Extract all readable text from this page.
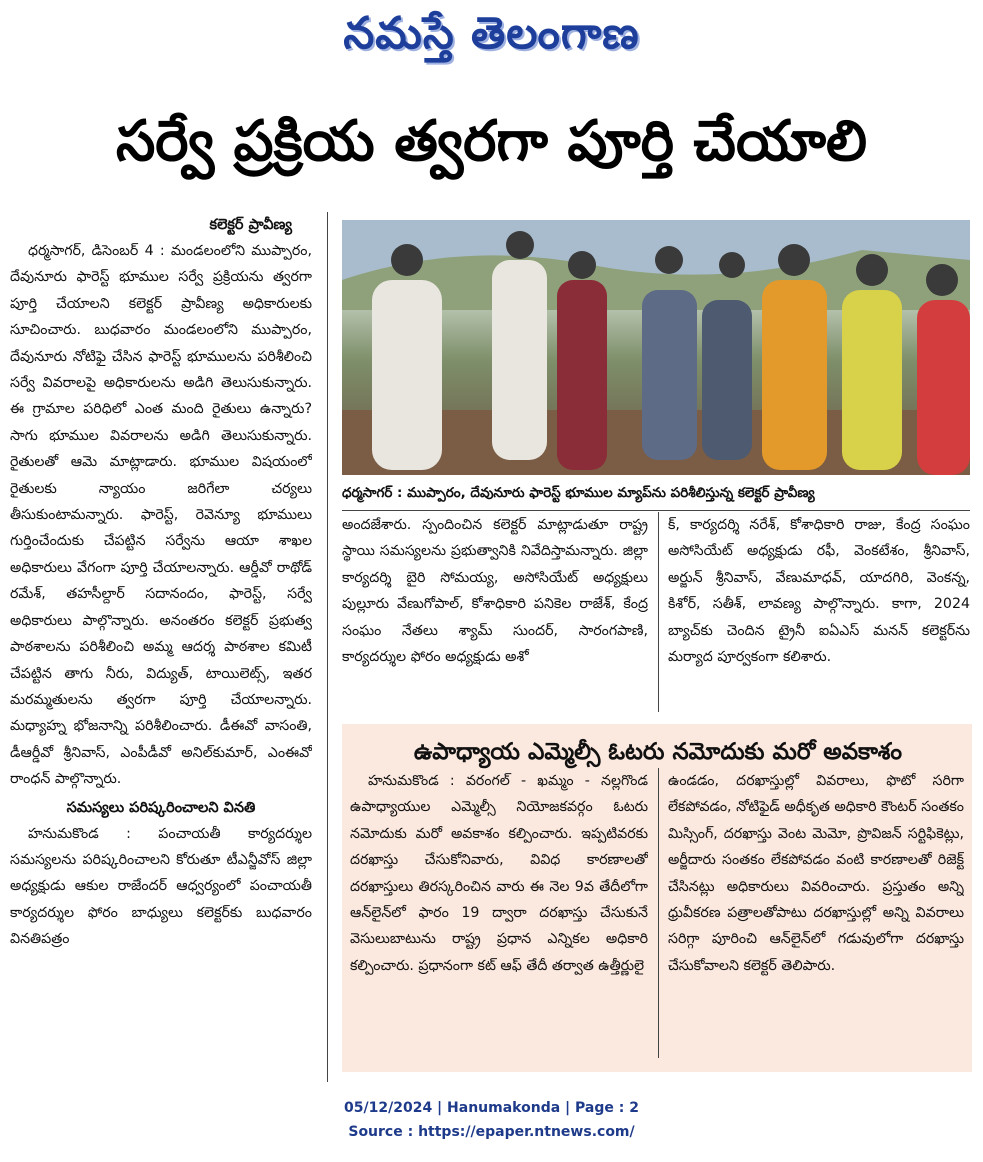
నమస్తే తెలంగాణ
సర్వే ప్రక్రియ త్వరగా పూర్తి చేయాలి
కలెక్టర్ ప్రావీణ్య

ధర్మసాగర్, డిసెంబర్ 4 : మండలంలోని ముప్పారం, దేవునూరు ఫారెస్ట్ భూముల సర్వే ప్రక్రియను త్వరగా పూర్తి చేయాలని కలెక్టర్ ప్రావీణ్య అధికారులకు సూచించారు. బుధవారం మండలంలోని ముప్పారం, దేవునూరు నోటిఫై చేసిన ఫారెస్ట్ భూములను పరిశీలించి సర్వే వివరాలపై అధికారులను అడిగి తెలుసుకున్నారు. ఈ గ్రామాల పరిధిలో ఎంత మంది రైతులు ఉన్నారు? సాగు భూముల వివరాలను అడిగి తెలుసుకున్నారు. రైతులతో ఆమె మాట్లాడారు. భూముల విషయంలో రైతులకు న్యాయం జరిగేలా చర్యలు తీసుకుంటామన్నారు. ఫారెస్ట్, రెవెన్యూ భూములు గుర్తించేందుకు చేపట్టిన సర్వేను ఆయా శాఖల అధికారులు వేగంగా పూర్తి చేయాలన్నారు. ఆర్డీవో రాథోడ్ రమేశ్, తహసీల్దార్ సదానందం, ఫారెస్ట్, సర్వే అధికారులు పాల్గొన్నారు. అనంతరం కలెక్టర్ ప్రభుత్వ పాఠశాలను పరిశీలించి అమ్మ ఆదర్శ పాఠశాల కమిటీ చేపట్టిన తాగు నీరు, విద్యుత్, టాయిలెట్స్, ఇతర మరమ్మతులను త్వరగా పూర్తి చేయాలన్నారు. మధ్యాహ్న భోజనాన్ని పరిశీలించారు. డీఈవో వాసంతి, డీఆర్డీవో శ్రీనివాస్, ఎంపీడీవో అనిల్‌కుమార్, ఎంఈవో రాంధన్ పాల్గొన్నారు.

సమస్యలు పరిష్కరించాలని వినతి

హనుమకొండ : పంచాయతీ కార్యదర్శుల సమస్యలను పరిష్కరించాలని కోరుతూ టీఎన్జీవోస్ జిల్లా అధ్యక్షుడు ఆకుల రాజేందర్ ఆధ్వర్యంలో పంచాయతీ కార్యదర్శుల ఫోరం బాధ్యులు కలెక్టర్‌కు బుధవారం వినతిపత్రం

ధర్మసాగర్ : ముప్పారం, దేవునూరు ఫారెస్ట్ భూముల మ్యాప్‌ను పరిశీలిస్తున్న కలెక్టర్ ప్రావీణ్య

అందజేశారు. స్పందించిన కలెక్టర్ మాట్లాడుతూ రాష్ట్ర స్థాయి సమస్యలను ప్రభుత్వానికి నివేదిస్తామన్నారు. జిల్లా కార్యదర్శి బైరి సోమయ్య, అసోసియేట్ అధ్యక్షులు పుల్లూరు వేణుగోపాల్, కోశాధికారి పనికెల రాజేశ్, కేంద్ర సంఘం నేతలు శ్యామ్ సుందర్, సారంగపాణి, కార్యదర్శుల ఫోరం అధ్యక్షుడు అశో

క్, కార్యదర్శి నరేశ్, కోశాధికారి రాజు, కేంద్ర సంఘం అసోసియేట్ అధ్యక్షుడు రఫీ, వెంకటేశం, శ్రీనివాస్, అర్జున్ శ్రీనివాస్, వేణుమాధవ్, యాదగిరి, వెంకన్న, కిశోర్, సతీశ్, లావణ్య పాల్గొన్నారు. కాగా, 2024 బ్యాచ్‌కు చెందిన ట్రైనీ ఐఏఎస్ మనన్ కలెక్టర్‌ను మర్యాద పూర్వకంగా కలిశారు.

ఉపాధ్యాయ ఎమ్మెల్సీ ఓటరు నమోదుకు మరో అవకాశం

హనుమకొండ : వరంగల్ - ఖమ్మం - నల్లగొండ ఉపాధ్యాయుల ఎమ్మెల్సీ నియోజకవర్గం ఓటరు నమోదుకు మరో అవకాశం కల్పించారు. ఇప్పటివరకు దరఖాస్తు చేసుకోనివారు, వివిధ కారణాలతో దరఖాస్తులు తిరస్కరించిన వారు ఈ నెల 9వ తేదీలోగా ఆన్‌లైన్‌లో ఫారం 19 ద్వారా దరఖాస్తు చేసుకునే వెసులుబాటును రాష్ట్ర ప్రధాన ఎన్నికల అధికారి కల్పించారు. ప్రధానంగా కట్ ఆఫ్ తేదీ తర్వాత ఉత్తీర్ణులై

ఉండడం, దరఖాస్తుల్లో వివరాలు, ఫొటో సరిగా లేకపోవడం, నోటిఫైడ్ అధీకృత అధికారి కౌంటర్ సంతకం మిస్సింగ్, దరఖాస్తు వెంట మెమో, ప్రొవిజన్ సర్టిఫికెట్లు, అర్జీదారు సంతకం లేకపోవడం వంటి కారణాలతో రిజెక్ట్ చేసినట్లు అధికారులు వివరించారు. ప్రస్తుతం అన్ని ధ్రువీకరణ పత్రాలతోపాటు దరఖాస్తుల్లో అన్ని వివరాలు సరిగ్గా పూరించి ఆన్‌లైన్‌లో గడువులోగా దరఖాస్తు చేసుకోవాలని కలెక్టర్ తెలిపారు.

05/12/2024 | Hanumakonda | Page : 2
Source : https://epaper.ntnews.com/
